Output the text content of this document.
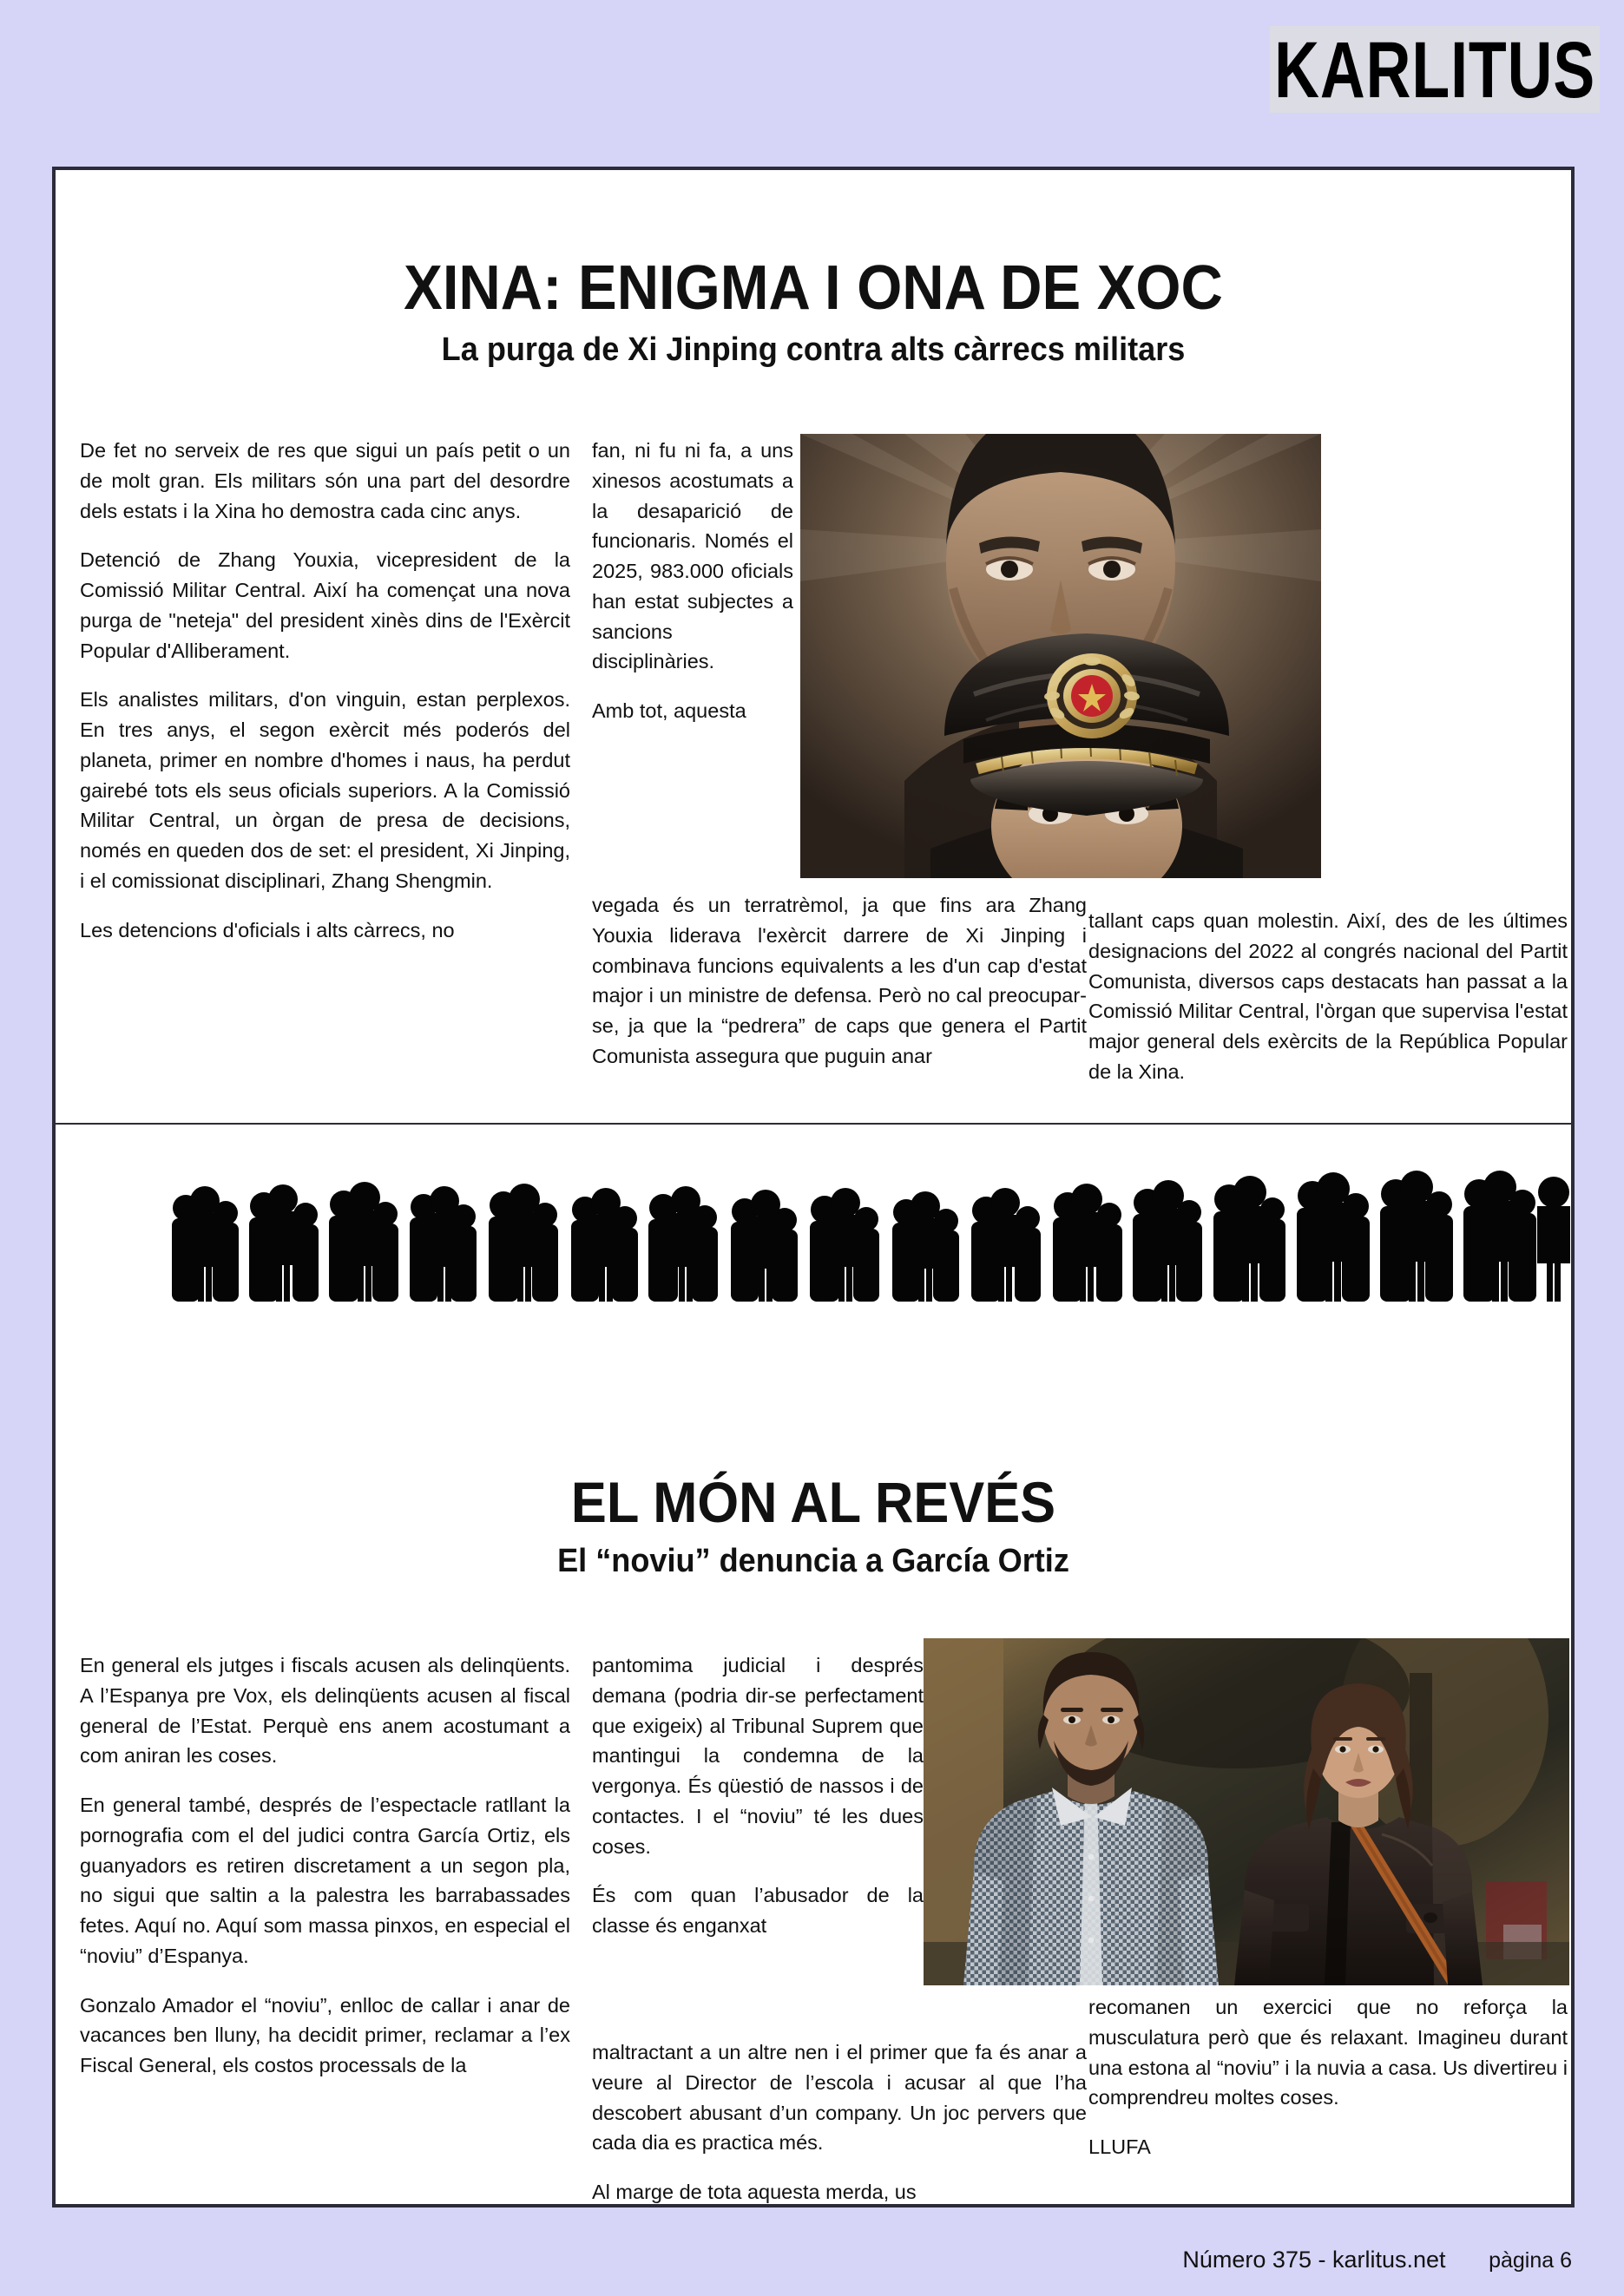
KARLITUS
XINA: ENIGMA I ONA DE XOC
La purga de Xi Jinping contra alts càrrecs militars

De fet no serveix de res que sigui un país petit o un de molt gran. Els militars són una part del desordre dels estats i la Xina ho demostra cada cinc anys.

Detenció de Zhang Youxia, vicepresident de la Comissió Militar Central. Així ha començat una nova purga de "neteja" del president xinès dins de l'Exèrcit Popular d'Alliberament.

Els analistes militars, d'on vinguin, estan perplexos. En tres anys, el segon exèrcit més poderós del planeta, primer en nombre d'homes i naus, ha perdut gairebé tots els seus oficials superiors. A la Comissió Militar Central, un òrgan de presa de decisions, només en queden dos de set: el president, Xi Jinping, i el comissionat disciplinari, Zhang Shengmin.

Les detencions d'oficials i alts càrrecs, no

fan, ni fu ni fa, a uns xinesos acostumats a la desaparició de funcionaris. Només el 2025, 983.000 oficials han estat subjectes a sancions disciplinàries.

Amb tot, aquesta

vegada és un terratrèmol, ja que fins ara Zhang Youxia liderava l'exèrcit darrere de Xi Jinping i combinava funcions equivalents a les d'un cap d'estat major i un ministre de defensa. Però no cal preocupar-se, ja que la “pedrera” de caps que genera el Partit Comunista assegura que puguin anar

tallant caps quan molestin. Així, des de les últimes designacions del 2022 al congrés nacional del Partit Comunista, diversos caps destacats han passat a la Comissió Militar Central, l'òrgan que supervisa l'estat major general dels exèrcits de la República Popular de la Xina.

EL MÓN AL REVÉS
El “noviu” denuncia a García Ortiz

En general els jutges i fiscals acusen als delinqüents. A l’Espanya pre Vox, els delinqüents acusen al fiscal general de l’Estat. Perquè ens anem acostumant a com aniran les coses.

En general també, després de l’espectacle ratllant la pornografia com el del judici contra García Ortiz, els guanyadors es retiren discretament a un segon pla, no sigui que saltin a la palestra les barrabassades fetes. Aquí no. Aquí som massa pinxos, en especial el “noviu” d’Espanya.

Gonzalo Amador el “noviu”, enlloc de callar i anar de vacances ben lluny, ha decidit primer, reclamar a l’ex Fiscal General, els costos processals de la

pantomima judicial i després demana (podria dir-se perfectament que exigeix) al Tribunal Suprem que mantingui la condemna de la vergonya. És qüestió de nassos i de contactes. I el “noviu” té les dues coses.

És com quan l’abusador de la classe és enganxat

maltractant a un altre nen i el primer que fa és anar a veure al Director de l’escola i acusar al que l’ha descobert abusant d’un company. Un joc pervers que cada dia es practica més.

Al marge de tota aquesta merda, us

recomanen un exercici que no reforça la musculatura però que és relaxant. Imagineu durant una estona al “noviu” i la nuvia a casa. Us divertireu i comprendreu moltes coses.

LLUFA

Número 375 - karlitus.net pàgina 6
